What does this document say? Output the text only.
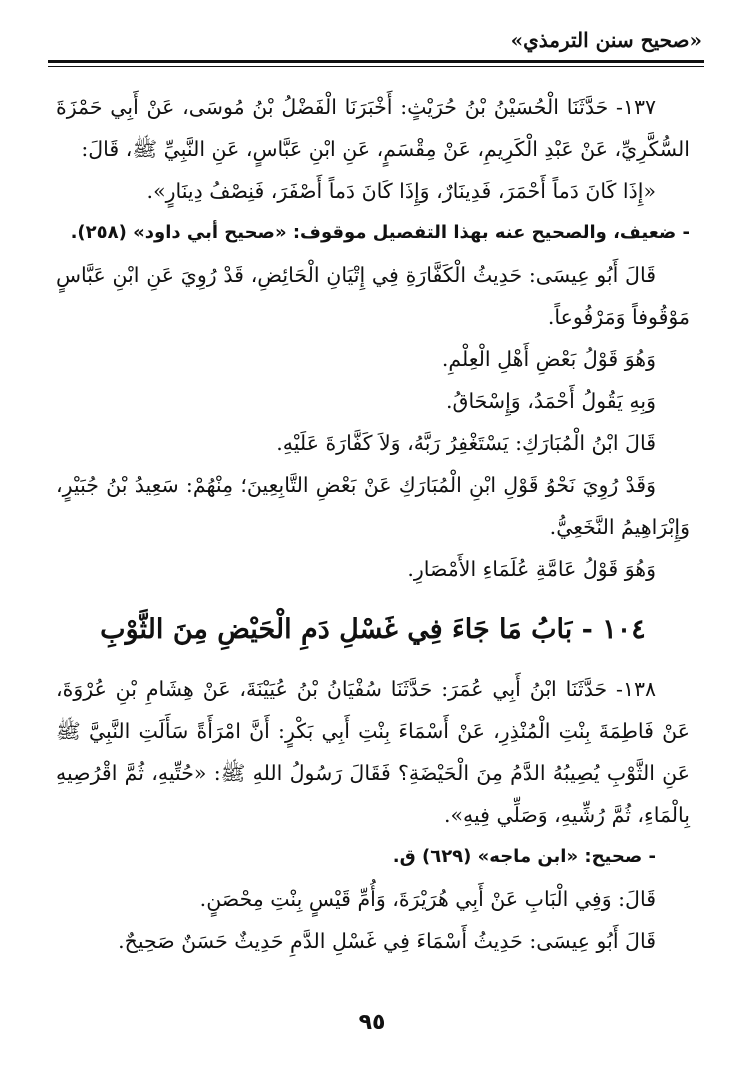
«صحيح سنن الترمذي»

١٣٧- حَدَّثَنَا الْحُسَيْنُ بْنُ حُرَيْثٍ: أَخْبَرَنَا الْفَضْلُ بْنُ مُوسَى، عَنْ أَبِي حَمْزَةَ السُّكَّرِيِّ، عَنْ عَبْدِ الْكَرِيمِ، عَنْ مِقْسَمٍ، عَنِ ابْنِ عَبَّاسٍ، عَنِ النَّبِيِّ ﷺ، قَالَ:

«إِذَا كَانَ دَماً أَحْمَرَ، فَدِينَارٌ، وَإِذَا كَانَ دَماً أَصْفَرَ، فَنِصْفُ دِينَارٍ».

- ضعيف، والصحيح عنه بهذا التفصيل موقوف: «صحيح أبي داود» (٢٥٨).

قَالَ أَبُو عِيسَى: حَدِيثُ الْكَفَّارَةِ فِي إِتْيَانِ الْحَائِضِ، قَدْ رُوِيَ عَنِ ابْنِ عَبَّاسٍ مَوْقُوفاً وَمَرْفُوعاً.

وَهُوَ قَوْلُ بَعْضِ أَهْلِ الْعِلْمِ.

وَبِهِ يَقُولُ أَحْمَدُ، وَإِسْحَاقُ.

قَالَ ابْنُ الْمُبَارَكِ: يَسْتَغْفِرُ رَبَّهُ، وَلاَ كَفَّارَةَ عَلَيْهِ.

وَقَدْ رُوِيَ نَحْوُ قَوْلِ ابْنِ الْمُبَارَكِ عَنْ بَعْضِ التَّابِعِينَ؛ مِنْهُمْ: سَعِيدُ بْنُ جُبَيْرٍ، وَإِبْرَاهِيمُ النَّخَعِيُّ.

وَهُوَ قَوْلُ عَامَّةِ عُلَمَاءِ الأَمْصَارِ.

١٠٤ - بَابُ مَا جَاءَ فِي غَسْلِ دَمِ الْحَيْضِ مِنَ الثَّوْبِ

١٣٨- حَدَّثَنَا ابْنُ أَبِي عُمَرَ: حَدَّثَنَا سُفْيَانُ بْنُ عُيَيْنَةَ، عَنْ هِشَامِ بْنِ عُرْوَةَ، عَنْ فَاطِمَةَ بِنْتِ الْمُنْذِرِ، عَنْ أَسْمَاءَ بِنْتِ أَبِي بَكْرٍ: أَنَّ امْرَأَةً سَأَلَتِ النَّبِيَّ ﷺ عَنِ الثَّوْبِ يُصِيبُهُ الدَّمُ مِنَ الْحَيْضَةِ؟ فَقَالَ رَسُولُ اللهِ ﷺ: «حُتِّيهِ، ثُمَّ اقْرُصِيهِ بِالْمَاءِ، ثُمَّ رُشِّيهِ، وَصَلِّي فِيهِ».

- صحيح: «ابن ماجه» (٦٢٩) ق.

قَالَ: وَفِي الْبَابِ عَنْ أَبِي هُرَيْرَةَ، وَأُمِّ قَيْسٍ بِنْتِ مِحْصَنٍ.

قَالَ أَبُو عِيسَى: حَدِيثُ أَسْمَاءَ فِي غَسْلِ الدَّمِ حَدِيثٌ حَسَنٌ صَحِيحٌ.

٩٥
